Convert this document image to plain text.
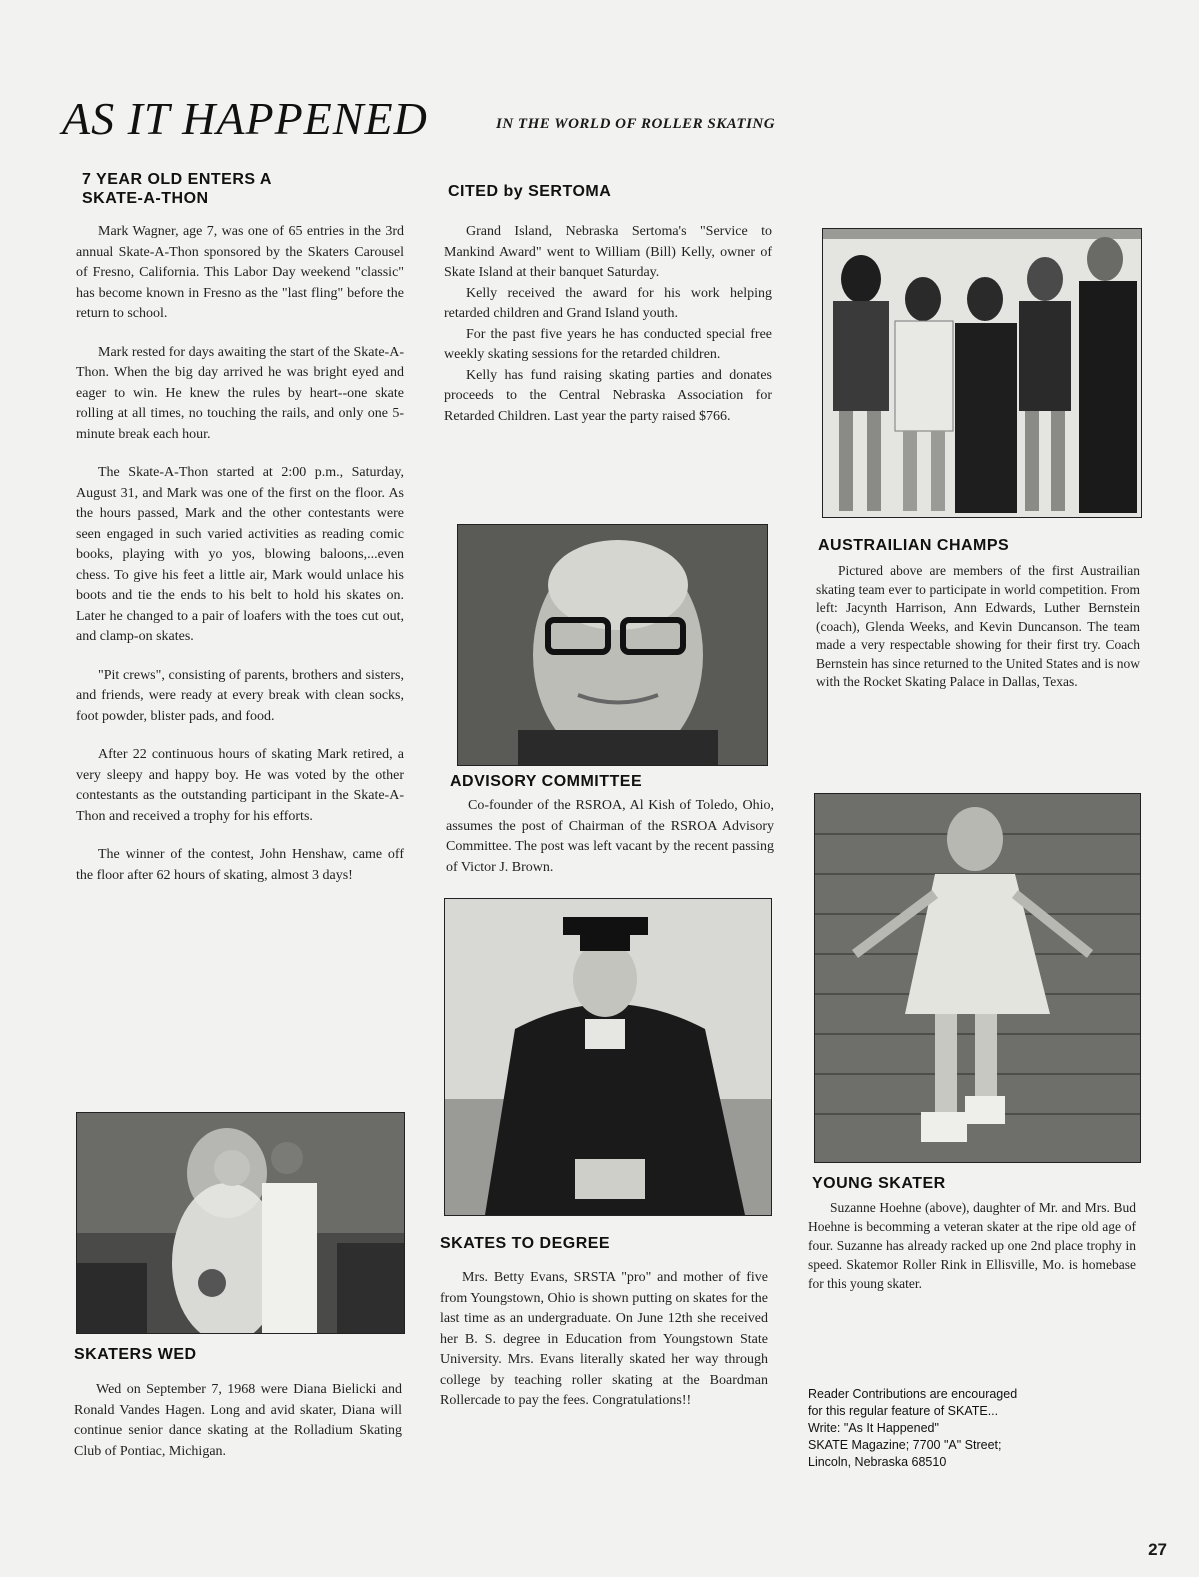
AS IT HAPPENED	IN THE WORLD OF ROLLER SKATING
7 YEAR OLD ENTERS A SKATE-A-THON

Mark Wagner, age 7, was one of 65 entries in the 3rd annual Skate-A-Thon sponsored by the Skaters Carousel of Fresno, California. This Labor Day weekend "classic" has become known in Fresno as the "last fling" before the return to school.

Mark rested for days awaiting the start of the Skate-A-Thon. When the big day arrived he was bright eyed and eager to win. He knew the rules by heart--one skate rolling at all times, no touching the rails, and only one 5-minute break each hour.

The Skate-A-Thon started at 2:00 p.m., Saturday, August 31, and Mark was one of the first on the floor. As the hours passed, Mark and the other contestants were seen engaged in such varied activities as reading comic books, playing with yo yos, blowing baloons,...even chess. To give his feet a little air, Mark would unlace his boots and tie the ends to his belt to hold his skates on. Later he changed to a pair of loafers with the toes cut out, and clamp-on skates.

"Pit crews", consisting of parents, brothers and sisters, and friends, were ready at every break with clean socks, foot powder, blister pads, and food.

After 22 continuous hours of skating Mark retired, a very sleepy and happy boy. He was voted by the other contestants as the outstanding participant in the Skate-A-Thon and received a trophy for his efforts.

The winner of the contest, John Henshaw, came off the floor after 62 hours of skating, almost 3 days!

SKATERS WED

Wed on September 7, 1968 were Diana Bielicki and Ronald Vandes Hagen. Long and avid skater, Diana will continue senior dance skating at the Rolladium Skating Club of Pontiac, Michigan.

CITED by SERTOMA

Grand Island, Nebraska Sertoma's "Service to Mankind Award" went to William (Bill) Kelly, owner of Skate Island at their banquet Saturday.

Kelly received the award for his work helping retarded children and Grand Island youth.

For the past five years he has conducted special free weekly skating sessions for the retarded children.

Kelly has fund raising skating parties and donates proceeds to the Central Nebraska Association for Retarded Children. Last year the party raised $766.

ADVISORY COMMITTEE

Co-founder of the RSROA, Al Kish of Toledo, Ohio, assumes the post of Chairman of the RSROA Advisory Committee. The post was left vacant by the recent passing of Victor J. Brown.

SKATES TO DEGREE

Mrs. Betty Evans, SRSTA "pro" and mother of five from Youngstown, Ohio is shown putting on skates for the last time as an undergraduate. On June 12th she received her B. S. degree in Education from Youngstown State University. Mrs. Evans literally skated her way through college by teaching roller skating at the Boardman Rollercade to pay the fees. Congratulations!!

AUSTRAILIAN CHAMPS

Pictured above are members of the first Austrailian skating team ever to participate in world competition. From left: Jacynth Harrison, Ann Edwards, Luther Bernstein (coach), Glenda Weeks, and Kevin Duncanson. The team made a very respectable showing for their first try. Coach Bernstein has since returned to the United States and is now with the Rocket Skating Palace in Dallas, Texas.

YOUNG SKATER

Suzanne Hoehne (above), daughter of Mr. and Mrs. Bud Hoehne is becomming a veteran skater at the ripe old age of four. Suzanne has already racked up one 2nd place trophy in speed. Skatemor Roller Rink in Ellisville, Mo. is homebase for this young skater.

Reader Contributions are encouraged
for this regular feature of SKATE...
Write: "As It Happened"
SKATE Magazine; 7700 "A" Street;
Lincoln, Nebraska 68510
27
